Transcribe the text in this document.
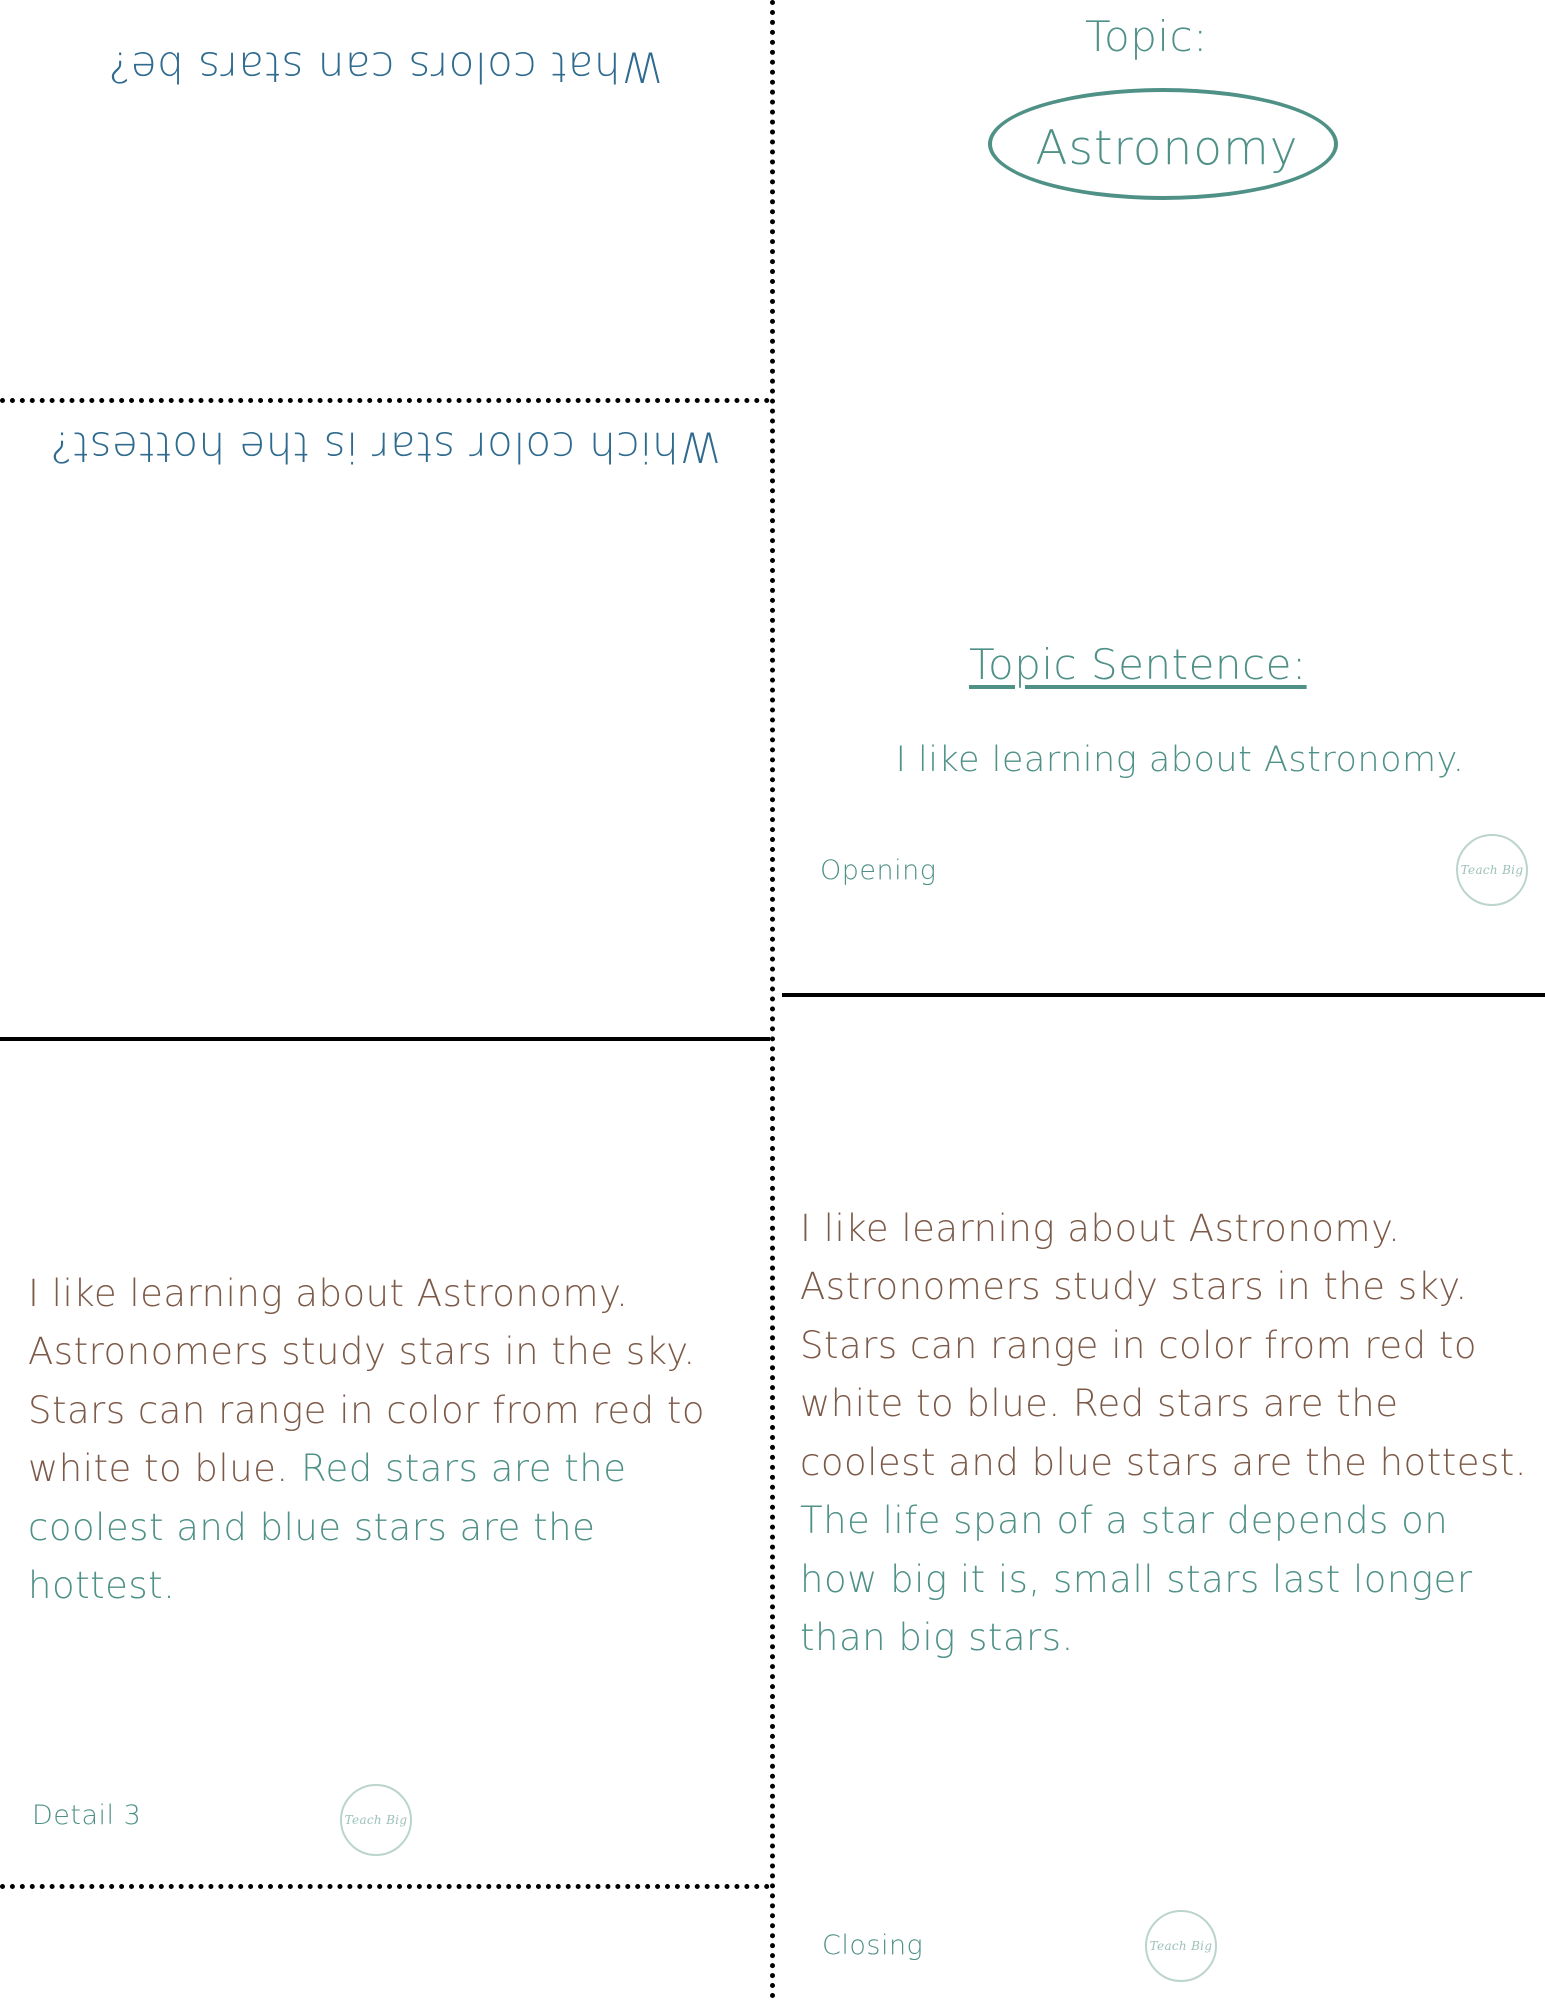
Topic:
Astronomy
What colors can stars be?
Which color star is the hottest?
Topic Sentence:
I like learning about Astronomy.
Opening	Teach Big
I like learning about Astronomy. Astronomers study stars in the sky. Stars can range in color from red to white to blue. Red stars are the coolest and blue stars are the hottest.
Detail 3	Teach Big
I like learning about Astronomy. Astronomers study stars in the sky. Stars can range in color from red to white to blue. Red stars are the coolest and blue stars are the hottest. The life span of a star depends on how big it is, small stars last longer than big stars.
Closing	Teach Big
